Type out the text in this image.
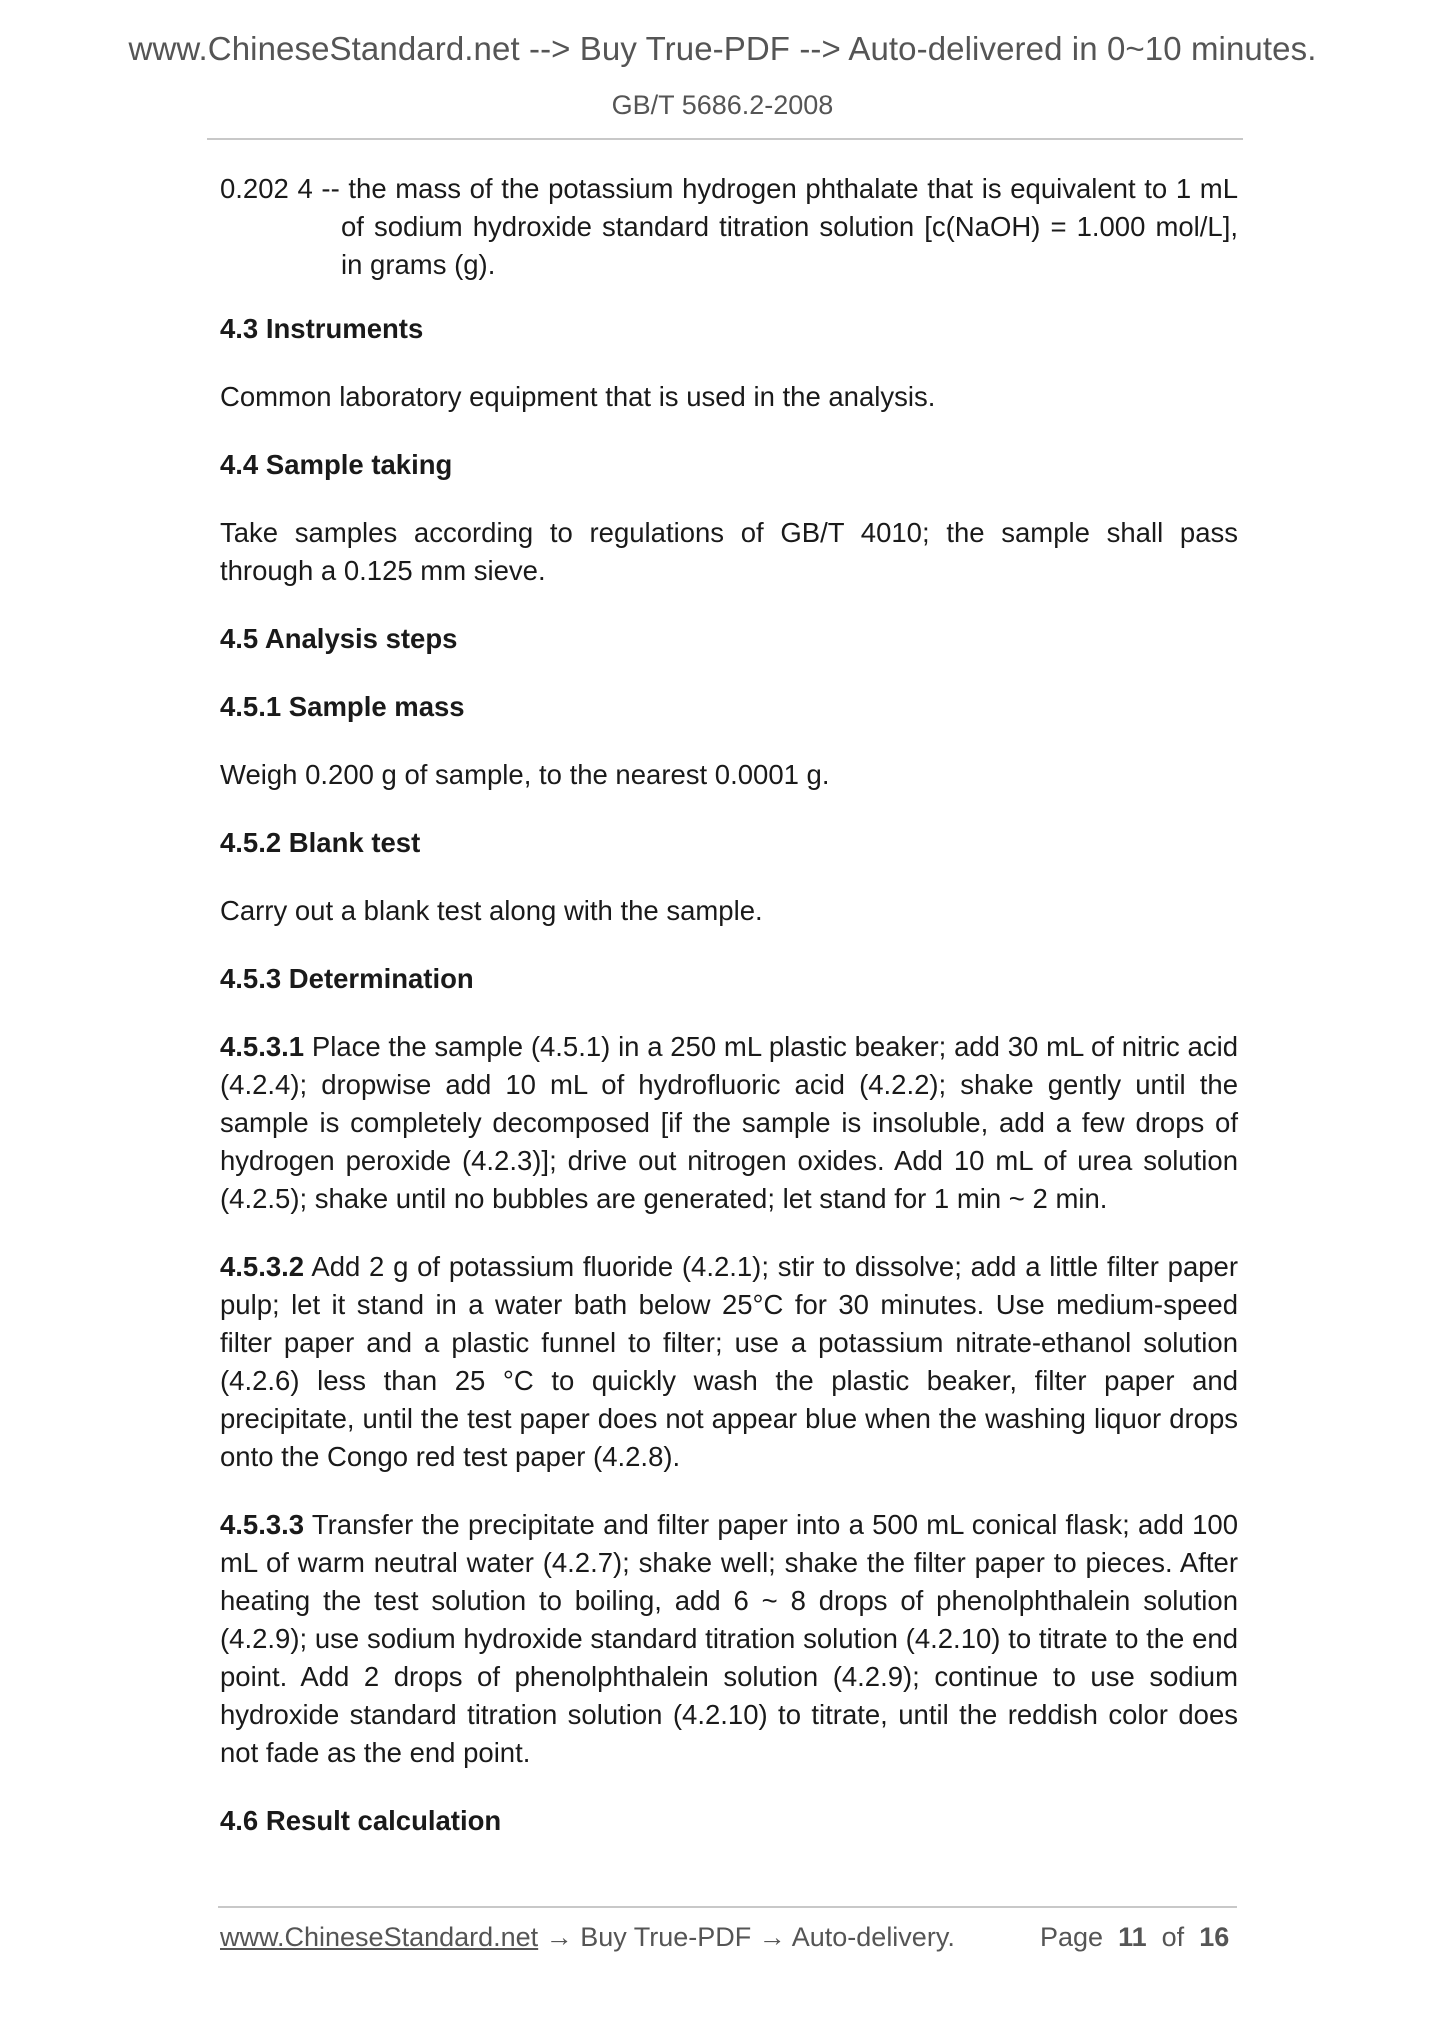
www.ChineseStandard.net --> Buy True-PDF --> Auto-delivered in 0~10 minutes.
GB/T 5686.2-2008

0.202 4 -- the mass of the potassium hydrogen phthalate that is equivalent to 1 mL of sodium hydroxide standard titration solution [c(NaOH) = 1.000 mol/L], in grams (g).

4.3 Instruments

Common laboratory equipment that is used in the analysis.

4.4 Sample taking

Take samples according to regulations of GB/T 4010; the sample shall pass through a 0.125 mm sieve.

4.5 Analysis steps

4.5.1 Sample mass

Weigh 0.200 g of sample, to the nearest 0.0001 g.

4.5.2 Blank test

Carry out a blank test along with the sample.

4.5.3 Determination

4.5.3.1 Place the sample (4.5.1) in a 250 mL plastic beaker; add 30 mL of nitric acid (4.2.4); dropwise add 10 mL of hydrofluoric acid (4.2.2); shake gently until the sample is completely decomposed [if the sample is insoluble, add a few drops of hydrogen peroxide (4.2.3)]; drive out nitrogen oxides. Add 10 mL of urea solution (4.2.5); shake until no bubbles are generated; let stand for 1 min ~ 2 min.

4.5.3.2 Add 2 g of potassium fluoride (4.2.1); stir to dissolve; add a little filter paper pulp; let it stand in a water bath below 25°C for 30 minutes. Use medium-speed filter paper and a plastic funnel to filter; use a potassium nitrate-ethanol solution (4.2.6) less than 25 °C to quickly wash the plastic beaker, filter paper and precipitate, until the test paper does not appear blue when the washing liquor drops onto the Congo red test paper (4.2.8).

4.5.3.3 Transfer the precipitate and filter paper into a 500 mL conical flask; add 100 mL of warm neutral water (4.2.7); shake well; shake the filter paper to pieces. After heating the test solution to boiling, add 6 ~ 8 drops of phenolphthalein solution (4.2.9); use sodium hydroxide standard titration solution (4.2.10) to titrate to the end point. Add 2 drops of phenolphthalein solution (4.2.9); continue to use sodium hydroxide standard titration solution (4.2.10) to titrate, until the reddish color does not fade as the end point.

4.6 Result calculation

www.ChineseStandard.net → Buy True-PDF → Auto-delivery.	Page 11 of 16
